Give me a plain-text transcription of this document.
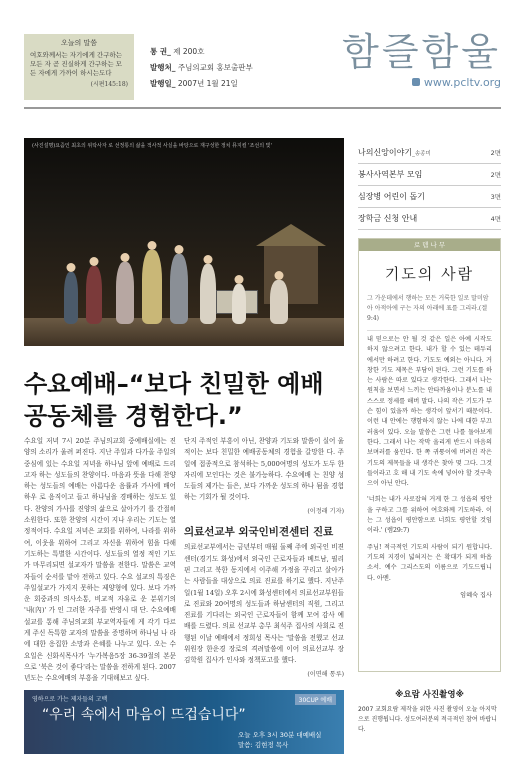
오늘의 말씀
여호와께서는 자기에게 간구하는 모든 자 곧 진실하게 간구하는 모든 자에게 가까이 하시는도다
(시편145:18)
통 권_ 제 200호
발행처_ 주님의교회 홍보출판부
발행일_ 2007년 1월 21일
함즐함울
www.pcltv.org
(사진설명)요즘인 최초의 위탁사자 로 선정통의 삶을 적사적 사실을 바탕으로 재구성한 정치 뮤지컬 '조선의 빛'
수요예배–“보다 친밀한 예배공동체를 경험한다.”
수요일 저녁 7시 20분 주님의교회 중예배실에는 진 양의 소리가 울려 퍼진다. 지난 주일과 다가올 주일의 중심에 있는 수요일 저녁을 하나님 앞에 예배로 드리 고자 하는 성도들의 찬양이다. 마음과 뜻을 다해 찬양 하는 성도들의 예배는 아름다운 음률과 가사에 배어 하우 로 음직이고 들고 하나님을 경배하는 성도도 있다. 찬양의 가사를 진양의 삶으로 살아가기 를 간절히 소원한다. 또한 찬양의 시간이 지나 우리는 기도는 열정적이다. 수요일 저녁은 교회를 위하여, 나라를 위하여, 이웃을 위하여 그리고 자신을 위하여 힘을 다해 기도하는 특별한 시간이다. 성도들의 열정 적인 기도가 마무리되면 설교자가 말씀을 전한다. 말씀은 교역자들이 순서를 맡아 전하고 있다. 수요 설교의 특징은 주일설교가 가지지 못하는 제양형에 있다. 보다 가까운 회중과의 의사소통, 비교적 자유로 운 분위기의 '내(內)' 가 인 그러한 자주를 반영시 대 단. 수요예배 설교를 통해 주님의교회 부교역자들에 게 각기 다르게 주신 독특함 교자의 말씀을 증명하며 하나님 나 라에 대한 응집한 소망과 은혜를 나누고 있다. 오는 수요일은 신화식목사가 '누가복음5장 36-39절의 본문으로 '북은 것이 좋다'라는 말씀을 전하게 된다. 2007년도는 수요예배의 부흥을 기대해보고 싶다.
단지 주적인 부흥이 아닌, 찬양과 기도와 말씀이 실어 울적이는 보다 친밀한 예배공동체의 경험을 갈망한 다. 주일에 접종적으로 참석하는 5,000여명의 성도가 도두 한 자리에 모인다는 것은 불가능하다. 수요예배 는 친양 성도들의 제가는 들은, 보다 가까운 성도의 하나 됨을 경험하는 기회가 될 것이다.
(이정래 기자)
의료선교부 외국인비젼센터 진료
의료선교부에서는 금년부터 매월 둘째 주에 외국인 비젼센터(경기도 화성)에서 외국인 근로자들과 베트남, 필리핀 그리고 북한 동지에서 이주해 가정을 꾸리고 살아가는 사람들을 대상으로 의료 진료를 하기로 했다. 지난주일(1월 14일) 오후 2시에 화성센터에서 의료선교부원들로 진료와 20여명의 성도들과 하남센터의 직원, 그리고 진료를 기다리는 외국인 근로자들이 함께 모여 감사 예배를 드렸다. 의료 선교부 총무 최석주 집사의 사회로 진행된 이날 예배에서 정희성 목사는 '말씀을 전했고 선교위원장 한운경 장로의 격려말씀에 이어 의료선교부 장 김학원 집사가 인사와 정책포고를 했다.
(이면해 통루)
영하으로 가는 제자들의 고백	30CUP 예배
“우리 속에서 마음이 뜨겁습니다”
오늘 오후 3시 30분 대예배실
말씀: 김현정 목사
나의신앙이야기_송종미	2면
봉사사역본부 모임	2면
심장병 어린이 돕기	3면
장학금 신청 안내	4면
로 뎀 나 무
기도의 사람
그 가운데에서 행하는 모든 거룩한 일로 말미암아 아적아에 구는 자의 아래에 표를 그리라.(겔 9:4)
내 믿으로는 안 될 것 같은 일은 아예 시작도 하지 않으려고 한다. 내가 할 수 있는 테두리 에서만 하려고 한다. 기도도 예외는 아니다. 거창한 기도 제목은 부담이 된다. 그런 기도를 하는 사람은 따로 있다고 생각한다. 그래서 나는 원칙을 보면서 느끼는 안타까움이나 분노를 내 스스로 정세를 해버 말다. 나의 작은 기도가 무슨 힘이 있을까 하는 생각이 앞서기 때문이다. 이런 내 안에는 행함하지 않는 나에 대한 부끄러움이 있다. 오늘 말씀은 그런 나를 돌아보게 한다. 그래서 나는 작막 올리게 반드시 마음의 보며러를 움인다. 한 쪽 귀퉁이에 버려진 작은 기도의 제목들을 내 생각은 찾아 몇 그다. 그것들이라고 호 해 내 기도 속에 넣어야 할 것구축으이 아닌 안다.
'너희는 내가 사로잡혀 거게 한 그 성읍의 평안을 구하고 그를 위하여 여호와께 기도하라. 이는 그 성읍이 평안함으로 너희도 평안할 것임이라.' (렘29:7)
주님! 적극적인 기도의 사람이 되기 원합니다. 기도의 지경이 넓혀지는 은 확대가 되게 하옵소서. 예수 그리스도의 이름으로 기도드립니다. 아멘.
임혜숙 집사
※요람 사진촬영※
2007 교회요람 제작을 위한 사진 촬영이 오늘 아지막으로 진행됩니다. 성도여러분의 적극적인 참여 바랍니다.
